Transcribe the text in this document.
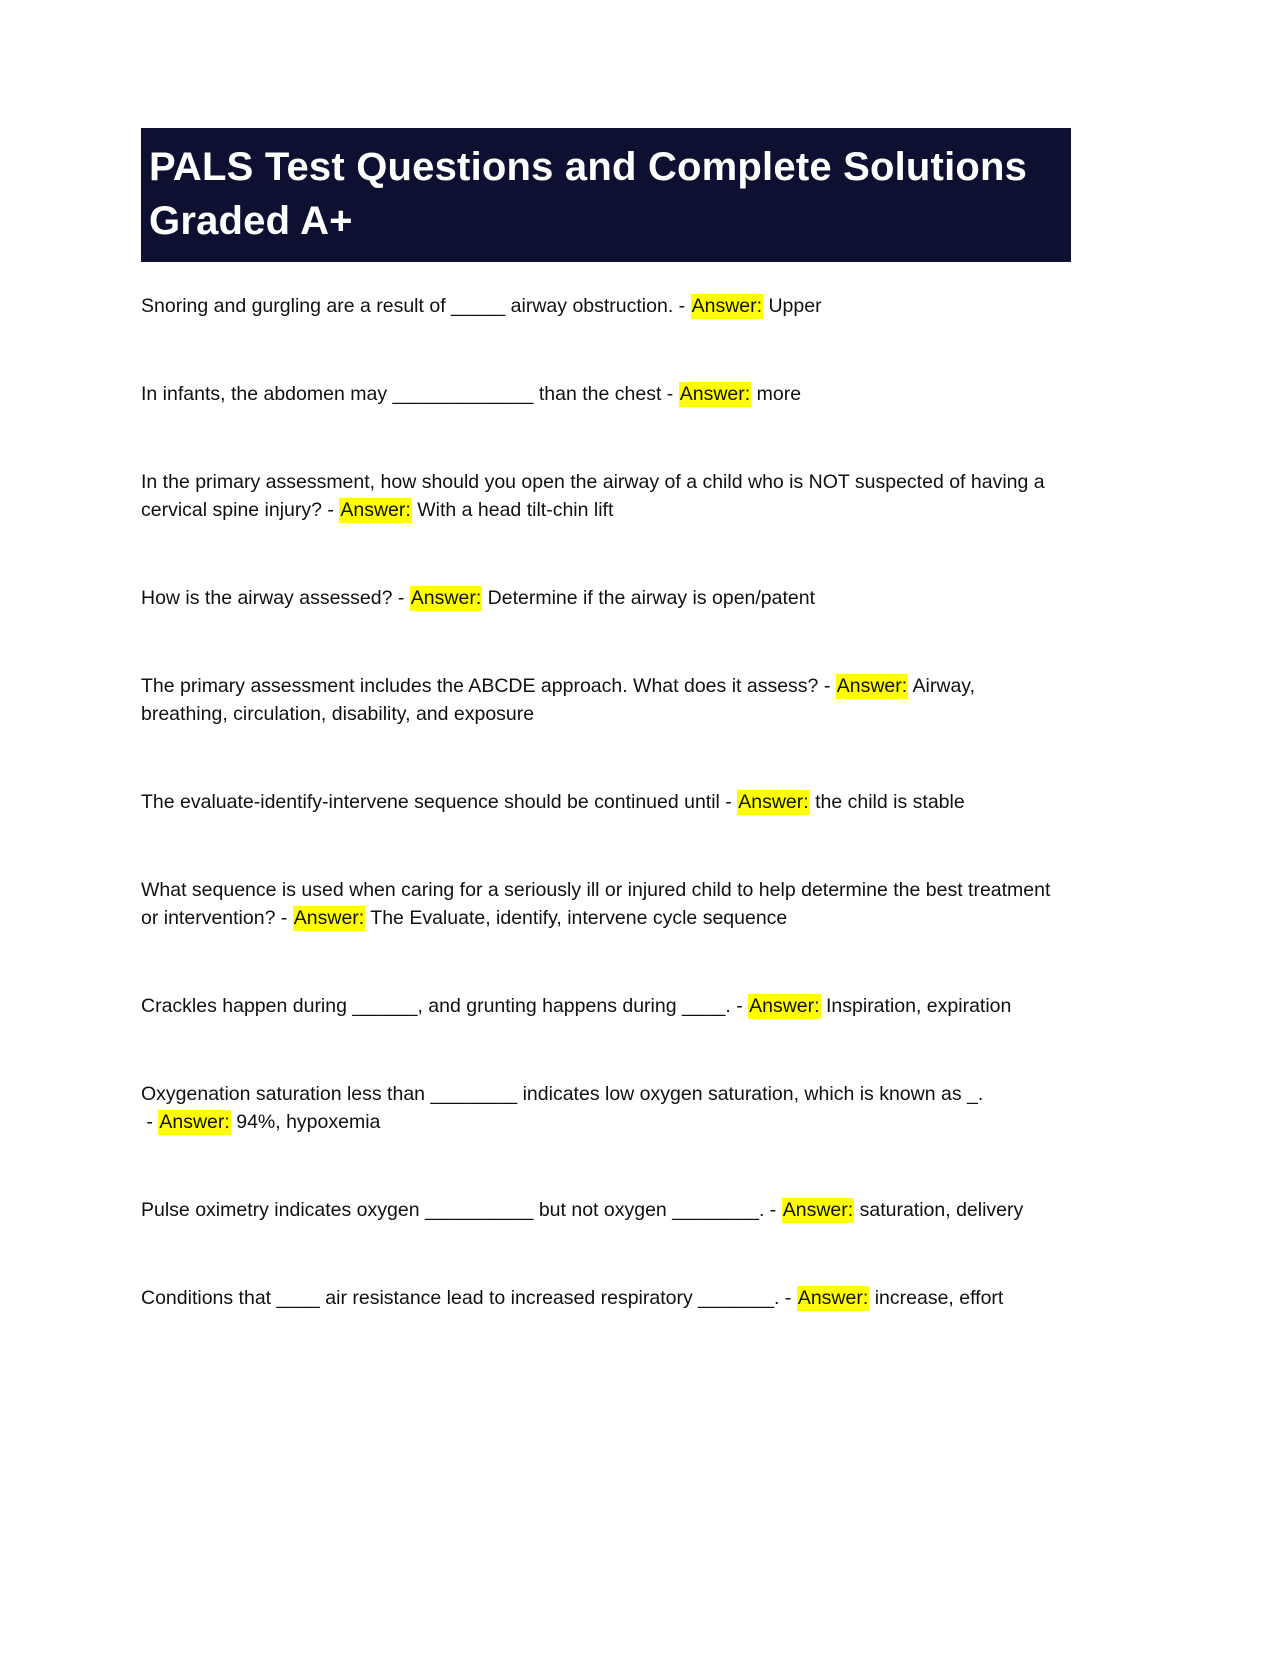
PALS Test Questions and Complete Solutions Graded A+
Snoring and gurgling are a result of _____ airway obstruction. - Answer: Upper
In infants, the abdomen may _____________ than the chest - Answer: more
In the primary assessment, how should you open the airway of a child who is NOT suspected of having a cervical spine injury? - Answer: With a head tilt-chin lift
How is the airway assessed? - Answer: Determine if the airway is open/patent
The primary assessment includes the ABCDE approach. What does it assess? - Answer: Airway, breathing, circulation, disability, and exposure
The evaluate-identify-intervene sequence should be continued until - Answer: the child is stable
What sequence is used when caring for a seriously ill or injured child to help determine the best treatment or intervention? - Answer: The Evaluate, identify, intervene cycle sequence
Crackles happen during ______, and grunting happens during ____. - Answer: Inspiration, expiration
Oxygenation saturation less than ________ indicates low oxygen saturation, which is known as _. - Answer: 94%, hypoxemia
Pulse oximetry indicates oxygen __________ but not oxygen ________. - Answer: saturation, delivery
Conditions that ____ air resistance lead to increased respiratory _______. - Answer: increase, effort
